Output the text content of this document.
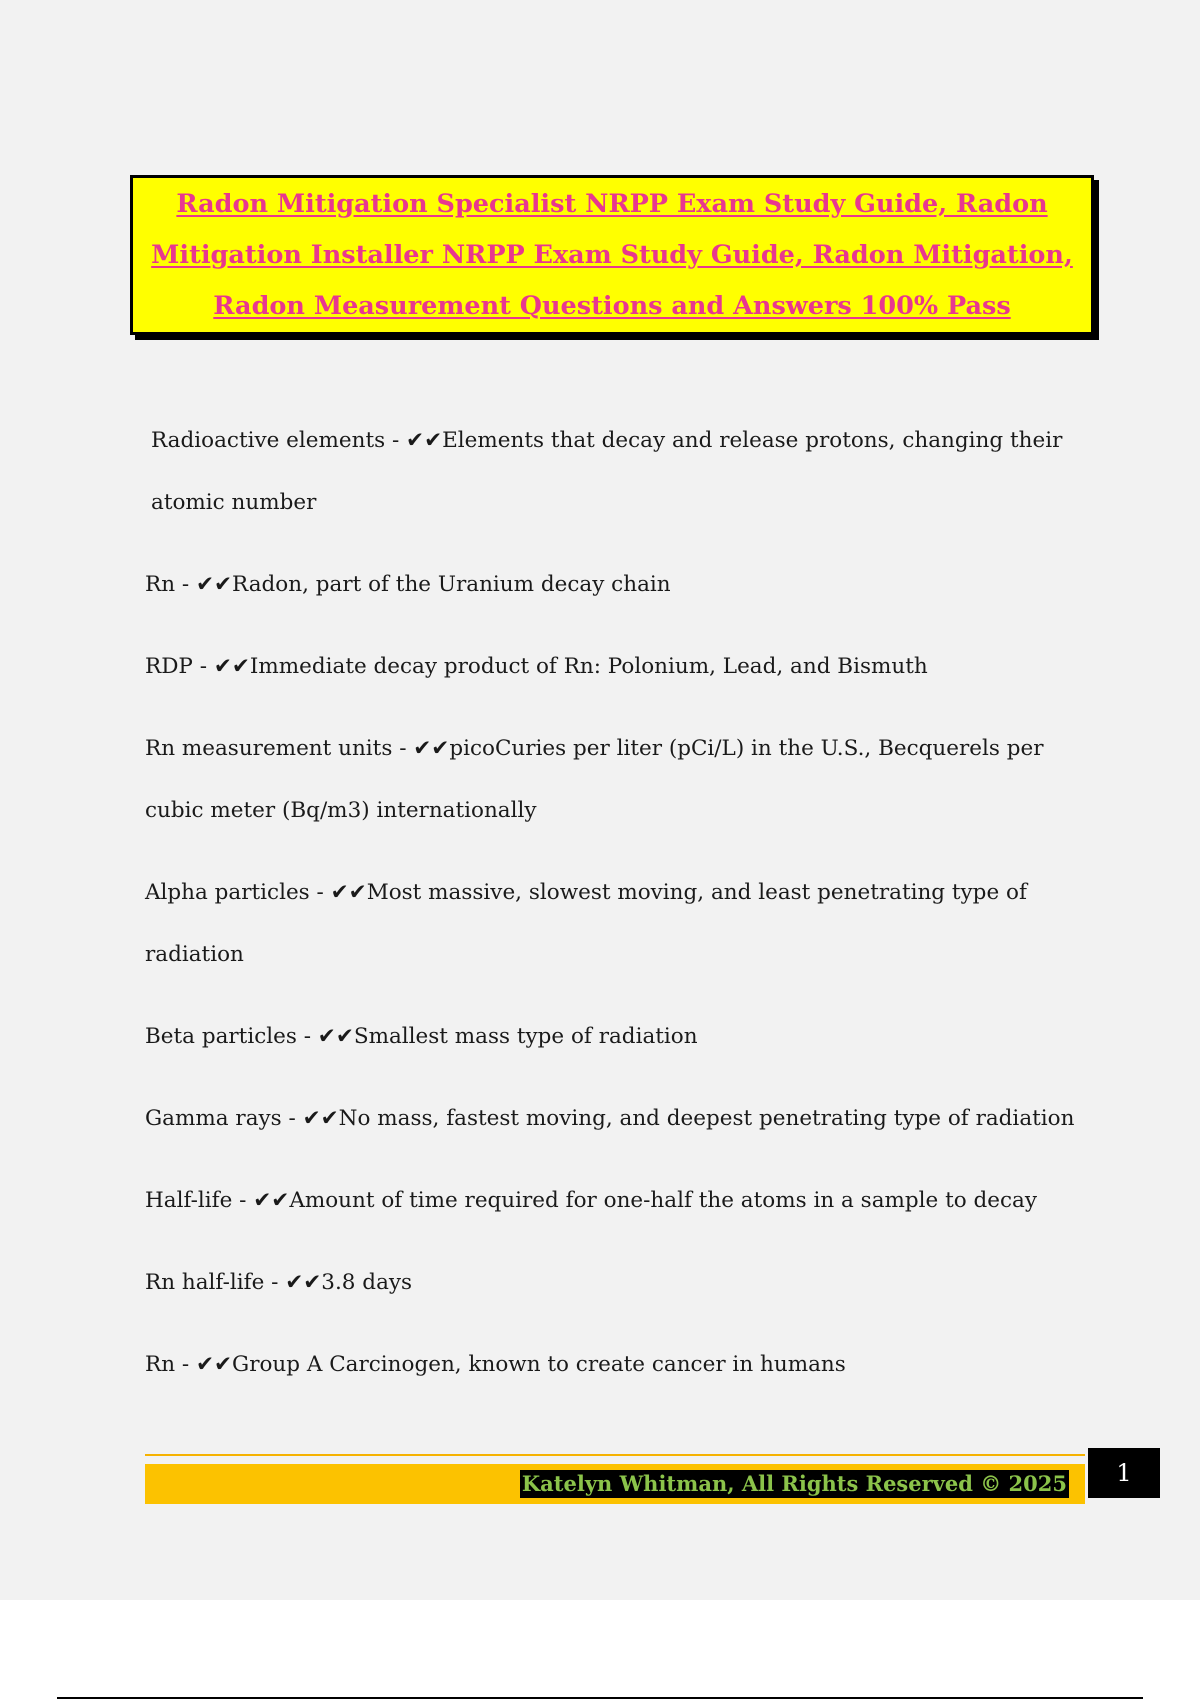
Radon Mitigation Specialist NRPP Exam Study Guide, Radon Mitigation Installer NRPP Exam Study Guide, Radon Mitigation, Radon Measurement Questions and Answers 100% Pass

Radioactive elements - ✔✔Elements that decay and release protons, changing their atomic number

Rn - ✔✔Radon, part of the Uranium decay chain

RDP - ✔✔Immediate decay product of Rn: Polonium, Lead, and Bismuth

Rn measurement units - ✔✔picoCuries per liter (pCi/L) in the U.S., Becquerels per cubic meter (Bq/m3) internationally

Alpha particles - ✔✔Most massive, slowest moving, and least penetrating type of radiation

Beta particles - ✔✔Smallest mass type of radiation

Gamma rays - ✔✔No mass, fastest moving, and deepest penetrating type of radiation

Half-life - ✔✔Amount of time required for one-half the atoms in a sample to decay

Rn half-life - ✔✔3.8 days

Rn - ✔✔Group A Carcinogen, known to create cancer in humans

Katelyn Whitman, All Rights Reserved © 2025	1
